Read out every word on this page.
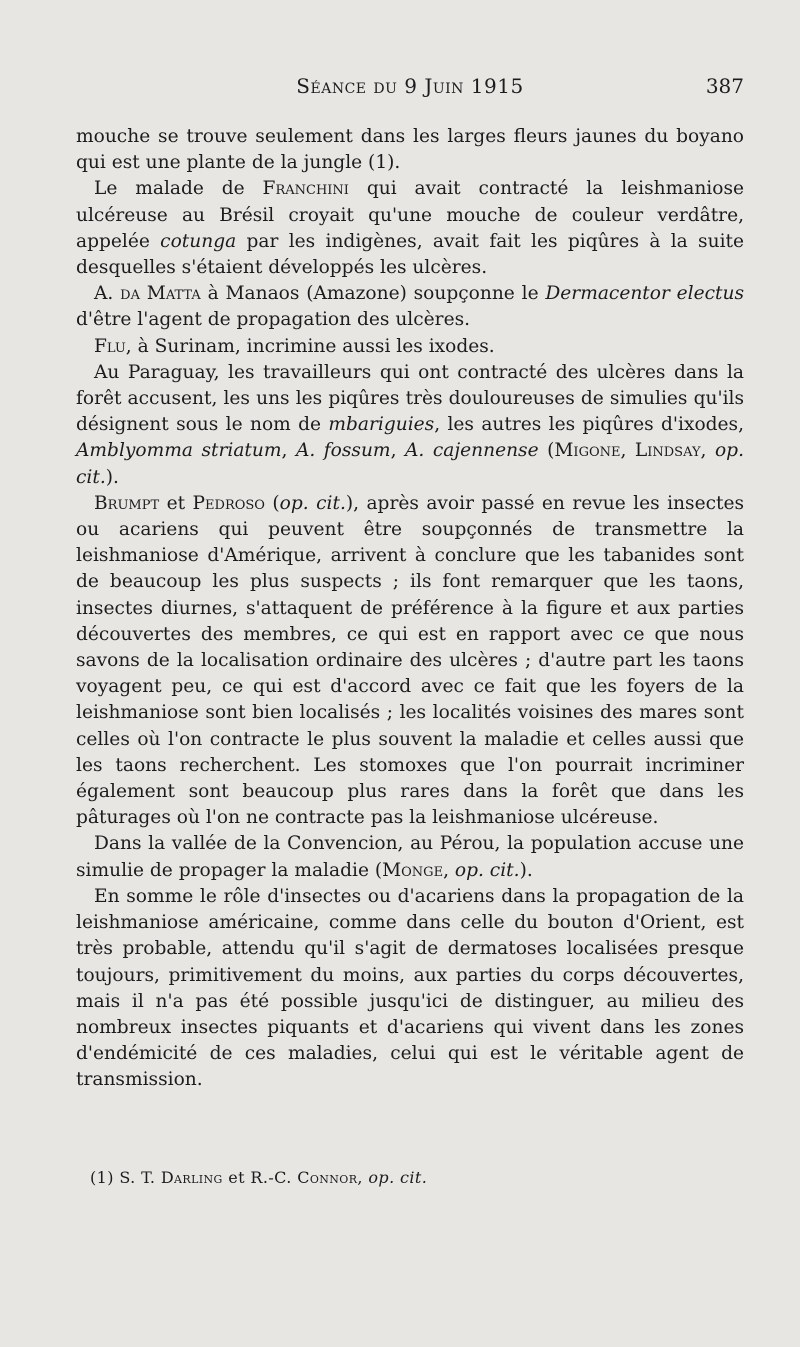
Séance du 9 Juin 1915	387

mouche se trouve seulement dans les larges fleurs jaunes du boyano qui est une plante de la jungle (1).

Le malade de Franchini qui avait contracté la leishmaniose ulcéreuse au Brésil croyait qu'une mouche de couleur verdâtre, appelée cotunga par les indigènes, avait fait les piqûres à la suite desquelles s'étaient développés les ulcères.

A. da Matta à Manaos (Amazone) soupçonne le Dermacentor electus d'être l'agent de propagation des ulcères.

Flu, à Surinam, incrimine aussi les ixodes.

Au Paraguay, les travailleurs qui ont contracté des ulcères dans la forêt accusent, les uns les piqûres très douloureuses de simulies qu'ils désignent sous le nom de mbariguies, les autres les piqûres d'ixodes, Amblyomma striatum, A. fossum, A. cajennense (Migone, Lindsay, op. cit.).

Brumpt et Pedroso (op. cit.), après avoir passé en revue les insectes ou acariens qui peuvent être soupçonnés de transmettre la leishmaniose d'Amérique, arrivent à conclure que les tabanides sont de beaucoup les plus suspects ; ils font remarquer que les taons, insectes diurnes, s'attaquent de préférence à la figure et aux parties découvertes des membres, ce qui est en rapport avec ce que nous savons de la localisation ordinaire des ulcères ; d'autre part les taons voyagent peu, ce qui est d'accord avec ce fait que les foyers de la leishmaniose sont bien localisés ; les localités voisines des mares sont celles où l'on contracte le plus souvent la maladie et celles aussi que les taons recherchent. Les stomoxes que l'on pourrait incriminer également sont beaucoup plus rares dans la forêt que dans les pâturages où l'on ne contracte pas la leishmaniose ulcéreuse.

Dans la vallée de la Convencion, au Pérou, la population accuse une simulie de propager la maladie (Monge, op. cit.).

En somme le rôle d'insectes ou d'acariens dans la propagation de la leishmaniose américaine, comme dans celle du bouton d'Orient, est très probable, attendu qu'il s'agit de dermatoses localisées presque toujours, primitivement du moins, aux parties du corps découvertes, mais il n'a pas été possible jusqu'ici de distinguer, au milieu des nombreux insectes piquants et d'acariens qui vivent dans les zones d'endémicité de ces maladies, celui qui est le véritable agent de transmission.

(1) S. T. Darling et R.-C. Connor, op. cit.
